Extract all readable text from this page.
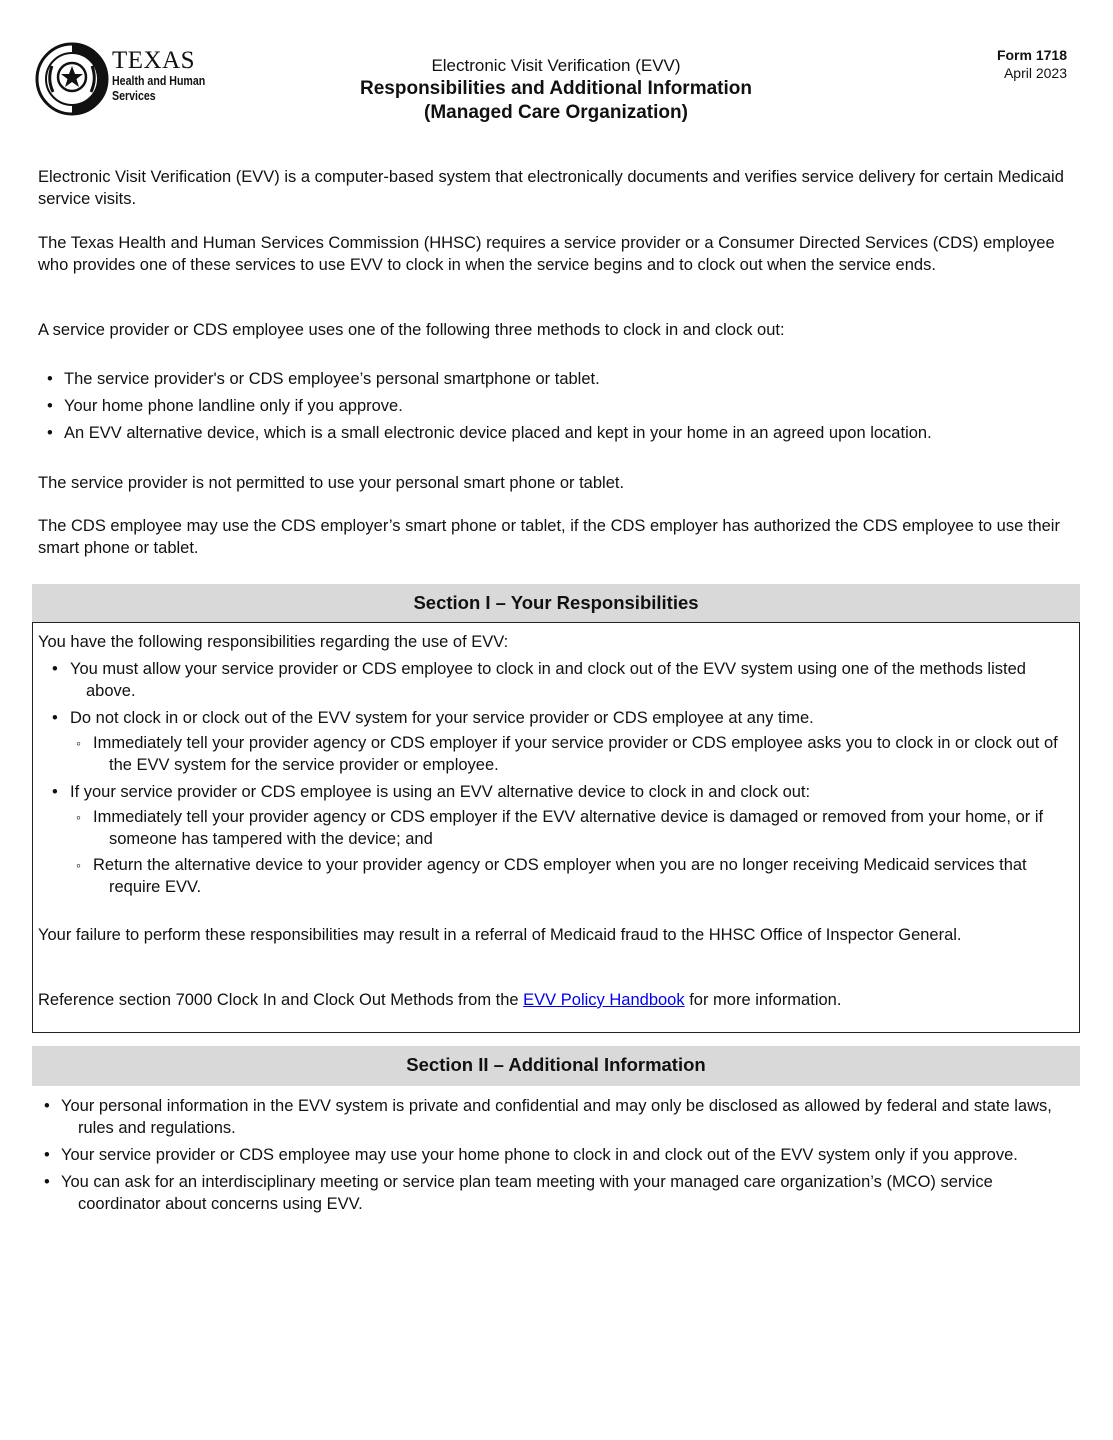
TEXAS
Health and Human
Services
Electronic Visit Verification (EVV)
Responsibilities and Additional Information
(Managed Care Organization)
Form 1718
April 2023

Electronic Visit Verification (EVV) is a computer-based system that electronically documents and verifies service delivery for certain Medicaid service visits.

The Texas Health and Human Services Commission (HHSC) requires a service provider or a Consumer Directed Services (CDS) employee who provides one of these services to use EVV to clock in when the service begins and to clock out when the service ends.

A service provider or CDS employee uses one of the following three methods to clock in and clock out:

• The service provider's or CDS employee’s personal smartphone or tablet.
• Your home phone landline only if you approve.
• An EVV alternative device, which is a small electronic device placed and kept in your home in an agreed upon location.

The service provider is not permitted to use your personal smart phone or tablet.

The CDS employee may use the CDS employer’s smart phone or tablet, if the CDS employer has authorized the CDS employee to use their smart phone or tablet.

Section I – Your Responsibilities
You have the following responsibilities regarding the use of EVV:
• You must allow your service provider or CDS employee to clock in and clock out of the EVV system using one of the methods listed above.
• Do not clock in or clock out of the EVV system for your service provider or CDS employee at any time.
◦ Immediately tell your provider agency or CDS employer if your service provider or CDS employee asks you to clock in or clock out of the EVV system for the service provider or employee.
• If your service provider or CDS employee is using an EVV alternative device to clock in and clock out:
◦ Immediately tell your provider agency or CDS employer if the EVV alternative device is damaged or removed from your home, or if someone has tampered with the device; and
◦ Return the alternative device to your provider agency or CDS employer when you are no longer receiving Medicaid services that require EVV.
Your failure to perform these responsibilities may result in a referral of Medicaid fraud to the HHSC Office of Inspector General.
Reference section 7000 Clock In and Clock Out Methods from the EVV Policy Handbook for more information.
Section II – Additional Information
• Your personal information in the EVV system is private and confidential and may only be disclosed as allowed by federal and state laws, rules and regulations.
• Your service provider or CDS employee may use your home phone to clock in and clock out of the EVV system only if you approve.
• You can ask for an interdisciplinary meeting or service plan team meeting with your managed care organization’s (MCO) service coordinator about concerns using EVV.
